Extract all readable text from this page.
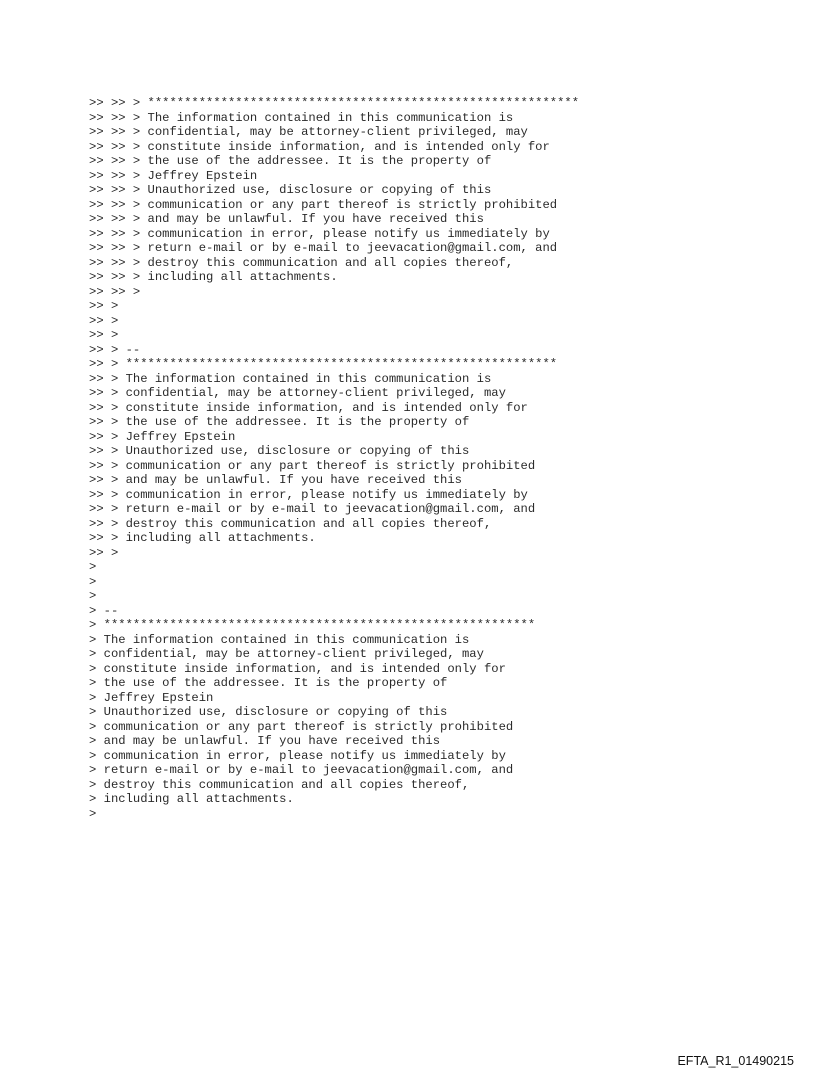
>> >> > ***********************************************************
>> >> > The information contained in this communication is
>> >> > confidential, may be attorney-client privileged, may
>> >> > constitute inside information, and is intended only for
>> >> > the use of the addressee. It is the property of
>> >> > Jeffrey Epstein
>> >> > Unauthorized use, disclosure or copying of this
>> >> > communication or any part thereof is strictly prohibited
>> >> > and may be unlawful. If you have received this
>> >> > communication in error, please notify us immediately by
>> >> > return e-mail or by e-mail to jeevacation@gmail.com, and
>> >> > destroy this communication and all copies thereof,
>> >> > including all attachments.
>> >> >
>> >
>> >
>> >
>> > --
>> > ***********************************************************
>> > The information contained in this communication is
>> > confidential, may be attorney-client privileged, may
>> > constitute inside information, and is intended only for
>> > the use of the addressee. It is the property of
>> > Jeffrey Epstein
>> > Unauthorized use, disclosure or copying of this
>> > communication or any part thereof is strictly prohibited
>> > and may be unlawful. If you have received this
>> > communication in error, please notify us immediately by
>> > return e-mail or by e-mail to jeevacation@gmail.com, and
>> > destroy this communication and all copies thereof,
>> > including all attachments.
>> >
>
>
>
> --
> ***********************************************************
> The information contained in this communication is
> confidential, may be attorney-client privileged, may
> constitute inside information, and is intended only for
> the use of the addressee. It is the property of
> Jeffrey Epstein
> Unauthorized use, disclosure or copying of this
> communication or any part thereof is strictly prohibited
> and may be unlawful. If you have received this
> communication in error, please notify us immediately by
> return e-mail or by e-mail to jeevacation@gmail.com, and
> destroy this communication and all copies thereof,
> including all attachments.
>
EFTA_R1_01490215
